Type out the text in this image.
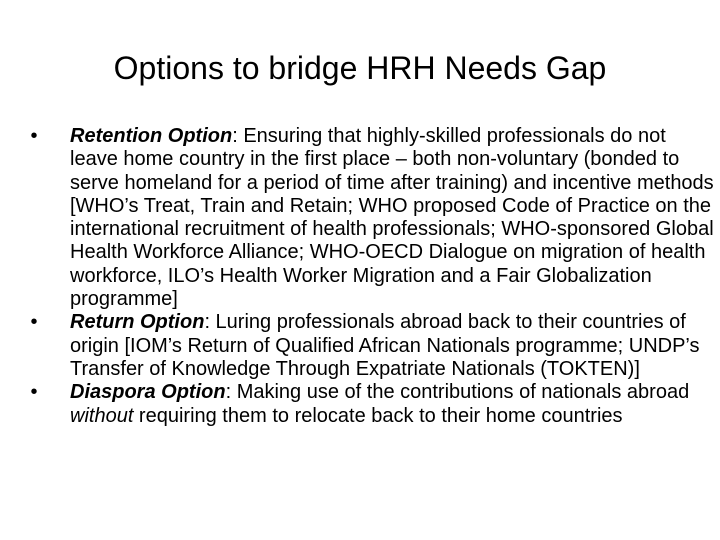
Options to bridge HRH Needs Gap
•	Retention Option: Ensuring that highly-skilled professionals do not leave home country in the first place – both non-voluntary (bonded to serve homeland for a period of time after training) and incentive methods [WHO’s Treat, Train and Retain; WHO proposed Code of Practice on the international recruitment of health professionals; WHO-sponsored Global Health Workforce Alliance; WHO-OECD Dialogue on migration of health workforce, ILO’s Health Worker Migration and a Fair Globalization programme]
•	Return Option: Luring professionals abroad back to their countries of origin [IOM’s Return of Qualified African Nationals programme; UNDP’s Transfer of Knowledge Through Expatriate Nationals (TOKTEN)]
•	Diaspora Option: Making use of the contributions of nationals abroad without requiring them to relocate back to their home countries
